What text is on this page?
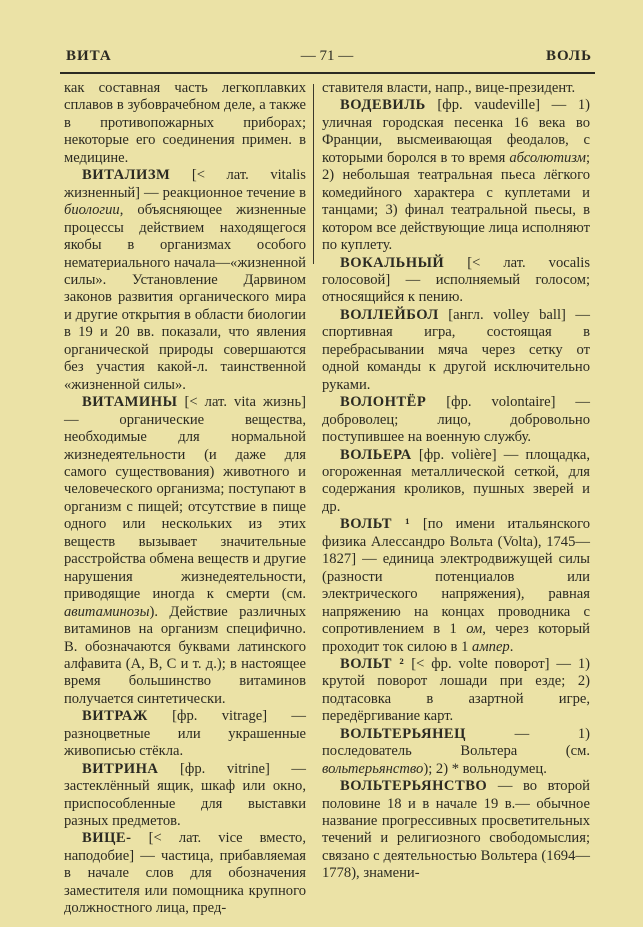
ВИТА	— 71 —	ВОЛЬ

как составная часть легкоплавких сплавов в зубоврачебном деле, а также в противопожарных приборах; некоторые его соединения примен. в медицине.

ВИТАЛИЗМ [< лат. vitalis жизненный] — реакционное течение в биологии, объясняющее жизненные процессы действием находящегося якобы в организмах особого нематериального начала—«жизненной силы». Установление Дарвином законов развития органического мира и другие открытия в области биологии в 19 и 20 вв. показали, что явления органической природы совершаются без участия какой-л. таинственной «жизненной силы».

ВИТАМИНЫ [< лат. vita жизнь] — органические вещества, необходимые для нормальной жизнедеятельности (и даже для самого существования) животного и человеческого организма; поступают в организм с пищей; отсутствие в пище одного или нескольких из этих веществ вызывает значительные расстройства обмена веществ и другие нарушения жизнедеятельности, приводящие иногда к смерти (см. авитаминозы). Действие различных витаминов на организм специфично. В. обозначаются буквами латинского алфавита (А, В, С и т. д.); в настоящее время большинство витаминов получается синтетически.

ВИТРАЖ [фр. vitrage] — разноцветные или украшенные живописью стёкла.

ВИТРИНА [фр. vitrine] — застеклённый ящик, шкаф или окно, приспособленные для выставки разных предметов.

ВИЦЕ- [< лат. vice вместо, наподобие] — частица, прибавляемая в начале слов для обозначения заместителя или помощника крупного должностного лица, пред-

ставителя власти, напр., вице-президент.

ВОДЕВИЛЬ [фр. vaudeville] — 1) уличная городская песенка 16 века во Франции, высмеивающая феодалов, с которыми боролся в то время абсолютизм; 2) небольшая театральная пьеса лёгкого комедийного характера с куплетами и танцами; 3) финал театральной пьесы, в котором все действующие лица исполняют по куплету.

ВОКАЛЬНЫЙ [< лат. vocalis голосовой] — исполняемый голосом; относящийся к пению.

ВОЛЛЕЙБОЛ [англ. volley ball] — спортивная игра, состоящая в перебрасывании мяча через сетку от одной команды к другой исключительно руками.

ВОЛОНТЁР [фр. volontaire] — доброволец; лицо, добровольно поступившее на военную службу.

ВОЛЬЕРА [фр. volière] — площадка, огороженная металлической сеткой, для содержания кроликов, пушных зверей и др.

ВОЛЬТ ¹ [по имени итальянского физика Алессандро Вольта (Volta), 1745—1827] — единица электродвижущей силы (разности потенциалов или электрического напряжения), равная напряжению на концах проводника с сопротивлением в 1 ом, через который проходит ток силою в 1 ампер.

ВОЛЬТ ² [< фр. volte поворот] — 1) крутой поворот лошади при езде; 2) подтасовка в азартной игре, передёргивание карт.

ВОЛЬТЕРЬЯНЕЦ — 1) последователь Вольтера (см. вольтерьянство); 2) * вольнодумец.

ВОЛЬТЕРЬЯНСТВО — во второй половине 18 и в начале 19 в.— обычное название прогрессивных просветительных течений и религиозного свободомыслия; связано с деятельностью Вольтера (1694—1778), знамени-
